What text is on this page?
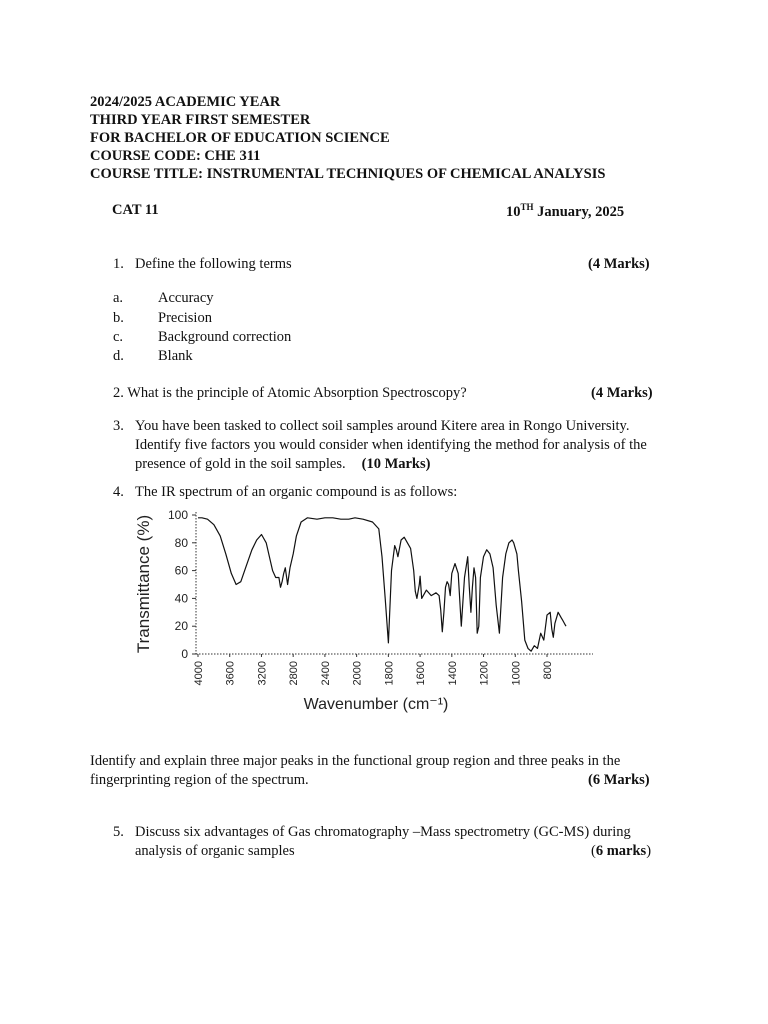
2024/2025 ACADEMIC YEAR
THIRD YEAR FIRST SEMESTER
FOR BACHELOR OF EDUCATION SCIENCE
COURSE CODE: CHE 311
COURSE TITLE: INSTRUMENTAL TECHNIQUES OF CHEMICAL ANALYSIS
CAT 11	10TH January, 2025
1. Define the following terms	(4 Marks)
a. Accuracy
b. Precision
c. Background correction
d. Blank
2. What is the principle of Atomic Absorption Spectroscopy?	(4 Marks)
3. You have been tasked to collect soil samples around Kitere area in Rongo University.
Identify five factors you would consider when identifying the method for analysis of the
presence of gold in the soil samples. (10 Marks)
4. The IR spectrum of an organic compound is as follows:
Transmittance (%)
Wavenumber (cm⁻¹)
0
20
40
60
80
100
4000 3600 3200 2800 2400 2000 1800 1600 1400 1200 1000 800
Identify and explain three major peaks in the functional group region and three peaks in the
fingerprinting region of the spectrum.	(6 Marks)
5. Discuss six advantages of Gas chromatography –Mass spectrometry (GC-MS) during
analysis of organic samples	(6 marks)
